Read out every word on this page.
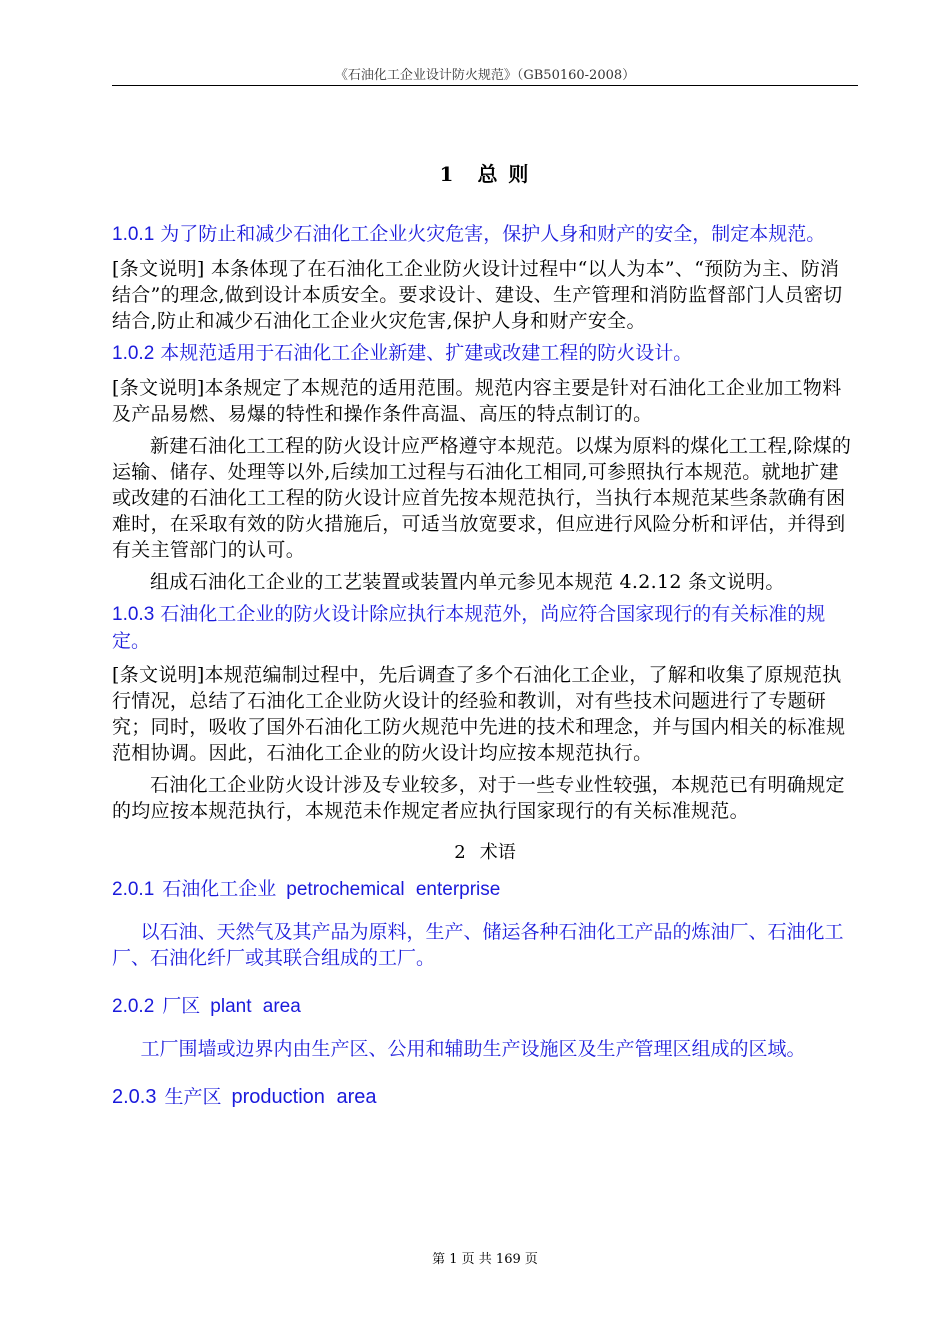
《石油化工企业设计防火规范》（GB50160-2008）
1 总 则

1.0.1 为了防止和减少石油化工企业火灾危害，保护人身和财产的安全，制定本规范。

[条文说明] 本条体现了在石油化工企业防火设计过程中“以人为本”、“预防为主、防消结合”的理念,做到设计本质安全。要求设计、建设、生产管理和消防监督部门人员密切结合,防止和减少石油化工企业火灾危害,保护人身和财产安全。

1.0.2 本规范适用于石油化工企业新建、扩建或改建工程的防火设计。

[条文说明]本条规定了本规范的适用范围。规范内容主要是针对石油化工企业加工物料及产品易燃、易爆的特性和操作条件高温、高压的特点制订的。

新建石油化工工程的防火设计应严格遵守本规范。以煤为原料的煤化工工程,除煤的运输、储存、处理等以外,后续加工过程与石油化工相同,可参照执行本规范。就地扩建或改建的石油化工工程的防火设计应首先按本规范执行，当执行本规范某些条款确有困难时，在采取有效的防火措施后，可适当放宽要求，但应进行风险分析和评估，并得到有关主管部门的认可。

组成石油化工企业的工艺装置或装置内单元参见本规范 4.2.12 条文说明。

1.0.3 石油化工企业的防火设计除应执行本规范外，尚应符合国家现行的有关标准的规定。

[条文说明]本规范编制过程中，先后调查了多个石油化工企业，了解和收集了原规范执行情况，总结了石油化工企业防火设计的经验和教训，对有些技术问题进行了专题研究；同时，吸收了国外石油化工防火规范中先进的技术和理念，并与国内相关的标准规范相协调。因此，石油化工企业的防火设计均应按本规范执行。

石油化工企业防火设计涉及专业较多，对于一些专业性较强，本规范已有明确规定的均应按本规范执行，本规范未作规定者应执行国家现行的有关标准规范。

2 术语

2.0.1 石油化工企业 petrochemical enterprise

以石油、天然气及其产品为原料，生产、储运各种石油化工产品的炼油厂、石油化工厂、石油化纤厂或其联合组成的工厂。

2.0.2 厂区 plant area

工厂围墙或边界内由生产区、公用和辅助生产设施区及生产管理区组成的区域。

2.0.3 生产区 production area

第 1 页 共 169 页
